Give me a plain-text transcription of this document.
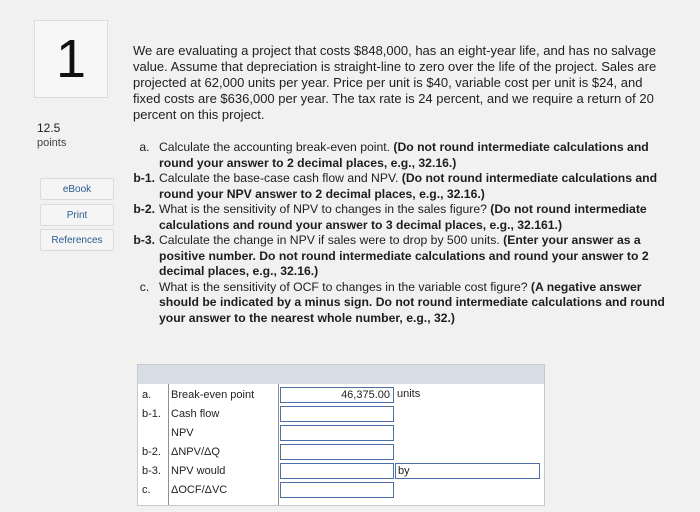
1
12.5
points
eBook
Print
References
We are evaluating a project that costs $848,000, has an eight-year life, and has no salvage value. Assume that depreciation is straight-line to zero over the life of the project. Sales are projected at 62,000 units per year. Price per unit is $40, variable cost per unit is $24, and fixed costs are $636,000 per year. The tax rate is 24 percent, and we require a return of 20 percent on this project.
a. Calculate the accounting break-even point. (Do not round intermediate calculations and round your answer to 2 decimal places, e.g., 32.16.)
b-1. Calculate the base-case cash flow and NPV. (Do not round intermediate calculations and round your NPV answer to 2 decimal places, e.g., 32.16.)
b-2. What is the sensitivity of NPV to changes in the sales figure? (Do not round intermediate calculations and round your answer to 3 decimal places, e.g., 32.161.)
b-3. Calculate the change in NPV if sales were to drop by 500 units. (Enter your answer as a positive number. Do not round intermediate calculations and round your answer to 2 decimal places, e.g., 32.16.)
c. What is the sensitivity of OCF to changes in the variable cost figure? (A negative answer should be indicated by a minus sign. Do not round intermediate calculations and round your answer to the nearest whole number, e.g., 32.)
a.	Break-even point	46,375.00 units
b-1. Cash flow
NPV
b-2. ΔNPV/ΔQ
b-3. NPV would	by
c.	ΔOCF/ΔVC
